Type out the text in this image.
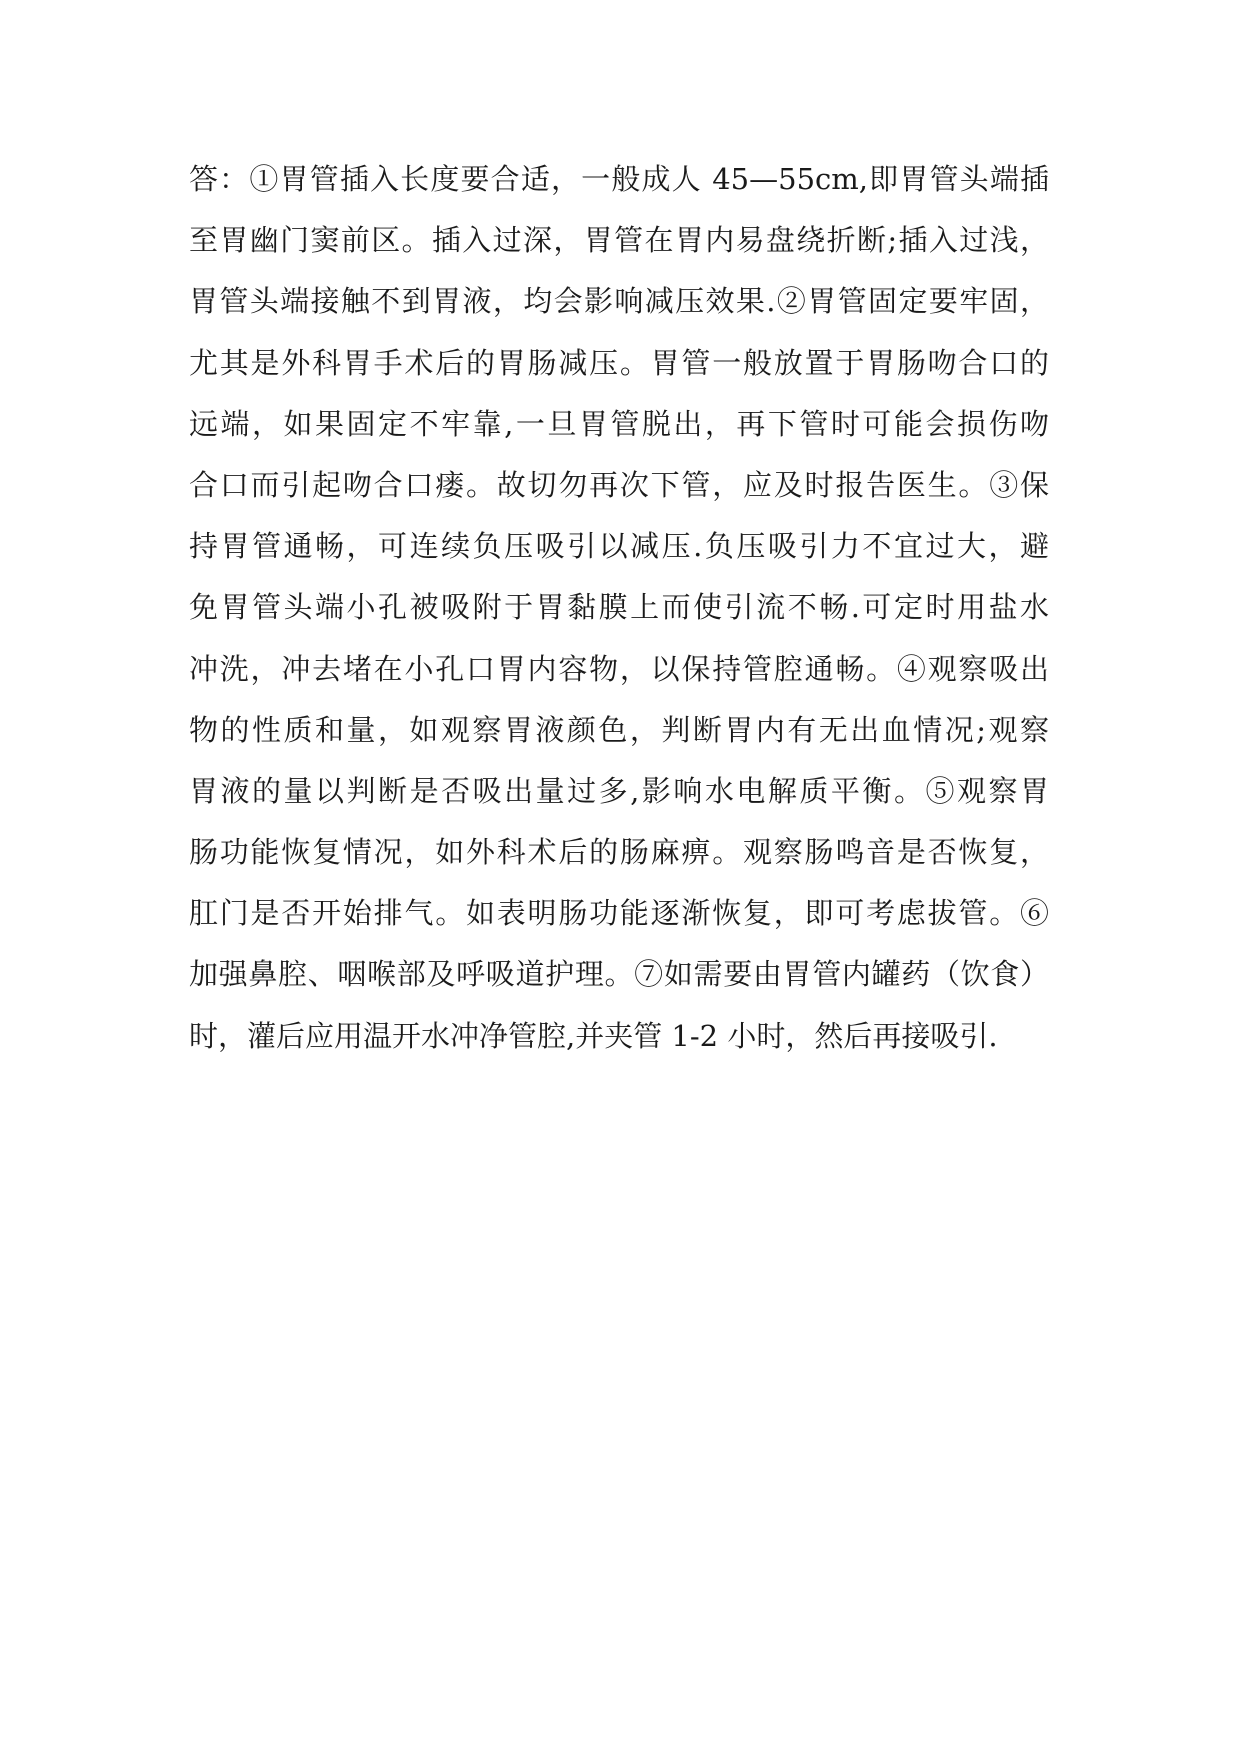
答：①胃管插入长度要合适，一般成人 45—55cm,即胃管头端插
至胃幽门窦前区。插入过深，胃管在胃内易盘绕折断;插入过浅，
胃管头端接触不到胃液，均会影响减压效果.②胃管固定要牢固，
尤其是外科胃手术后的胃肠减压。胃管一般放置于胃肠吻合口的
远端，如果固定不牢靠,一旦胃管脱出，再下管时可能会损伤吻
合口而引起吻合口瘘。故切勿再次下管，应及时报告医生。③保
持胃管通畅，可连续负压吸引以减压.负压吸引力不宜过大，避
免胃管头端小孔被吸附于胃黏膜上而使引流不畅.可定时用盐水
冲洗，冲去堵在小孔口胃内容物，以保持管腔通畅。④观察吸出
物的性质和量，如观察胃液颜色，判断胃内有无出血情况;观察
胃液的量以判断是否吸出量过多,影响水电解质平衡。⑤观察胃
肠功能恢复情况，如外科术后的肠麻痹。观察肠鸣音是否恢复，
肛门是否开始排气。如表明肠功能逐渐恢复，即可考虑拔管。⑥
加强鼻腔、咽喉部及呼吸道护理。⑦如需要由胃管内罐药（饮食）
时，灌后应用温开水冲净管腔,并夹管 1-2 小时，然后再接吸引.
